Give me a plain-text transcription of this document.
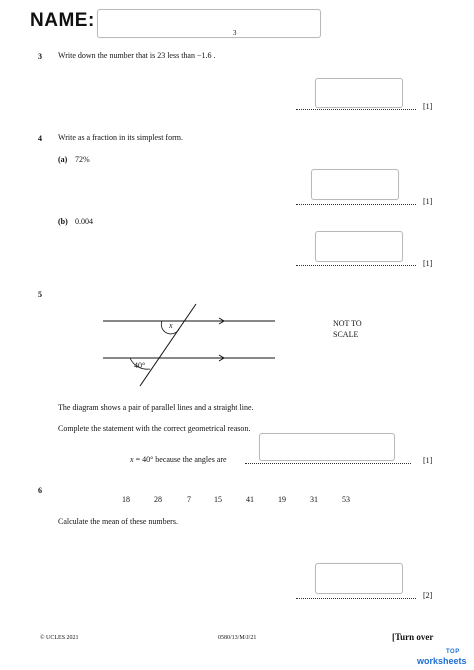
NAME:
3
3 Write down the number that is 23 less than −1.6 .
[1]
4 Write as a fraction in its simplest form.
(a) 72%
[1]
(b) 0.004
[1]
5
x
40°
NOT TO
SCALE
The diagram shows a pair of parallel lines and a straight line.
Complete the statement with the correct geometrical reason.
x = 40° because the angles are	[1]
6
18	28	7	15	41	19	31	53
Calculate the mean of these numbers.
[2]
© UCLES 2021	0580/13/M/J/21	[Turn over
TOP
worksheets
